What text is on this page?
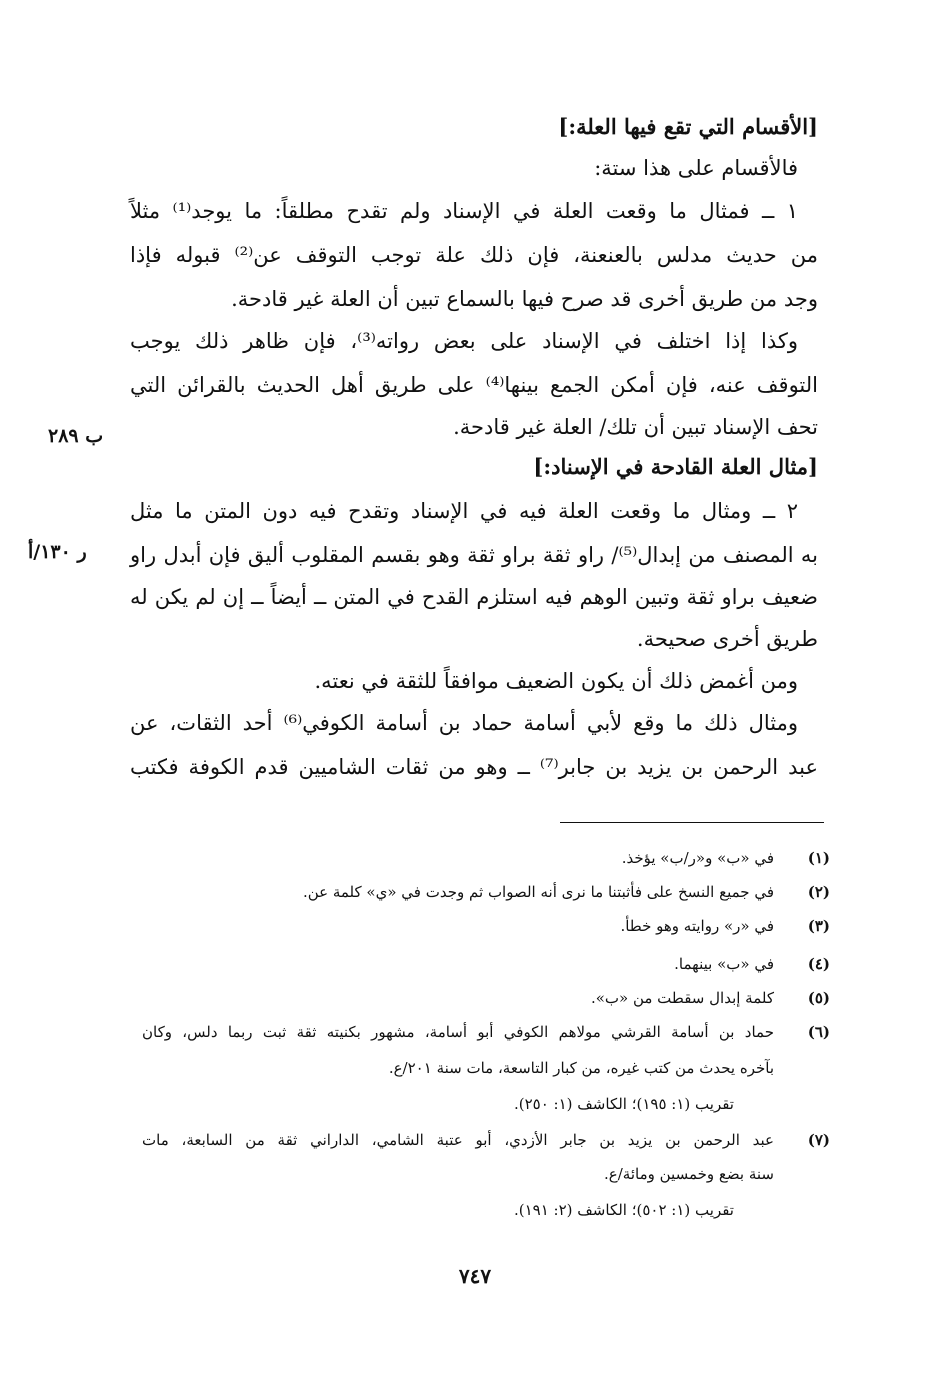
[الأقسام التي تقع فيها العلة:]

فالأقسام على هذا ستة:

١ ــ فمثال ما وقعت العلة في الإسناد ولم تقدح مطلقاً: ما يوجد⁽¹⁾ مثلاً

من حديث مدلس بالعنعنة، فإن ذلك علة توجب التوقف عن⁽²⁾ قبوله فإذا

وجد من طريق أخرى قد صرح فيها بالسماع تبين أن العلة غير قادحة.

وكذا إذا اختلف في الإسناد على بعض رواته⁽³⁾، فإن ظاهر ذلك يوجب

التوقف عنه، فإن أمكن الجمع بينها⁽⁴⁾ على طريق أهل الحديث بالقرائن التي

تحف الإسناد تبين أن تلك/ العلة غير قادحة.

[مثال العلة القادحة في الإسناد:]

٢ ــ ومثال ما وقعت العلة فيه في الإسناد وتقدح فيه دون المتن ما مثل

به المصنف من إبدال⁽⁵⁾/ راو ثقة براو ثقة وهو بقسم المقلوب أليق فإن أبدل راو

ضعيف براو ثقة وتبين الوهم فيه استلزم القدح في المتن ــ أيضاً ــ إن لم يكن له

طريق أخرى صحيحة.

ومن أغمض ذلك أن يكون الضعيف موافقاً للثقة في نعته.

ومثال ذلك ما وقع لأبي أسامة حماد بن أسامة الكوفي⁽⁶⁾ أحد الثقات، عن

عبد الرحمن بن يزيد بن جابر⁽⁷⁾ ــ وهو من ثقات الشاميين قدم الكوفة فكتب

ب ٢٨٩
ر ١٣٠/أ
(١)
في «ب» و«ر/ب» يؤخذ.
(٢)
في جميع النسخ على فأثبتنا ما نرى أنه الصواب ثم وجدت في «ي» كلمة عن.
(٣)
في «ر» روايته وهو خطأ.
(٤)
في «ب» بينهما.
(٥)
كلمة إبدال سقطت من «ب».
(٦)
حماد بن أسامة القرشي مولاهم الكوفي أبو أسامة، مشهور بكنيته ثقة ثبت ربما دلس، وكان
بآخره يحدث من كتب غيره، من كبار التاسعة، مات سنة ٢٠١/ع.
تقريب (١: ١٩٥)؛ الكاشف (١: ٢٥٠).
(٧)
عبد الرحمن بن يزيد بن جابر الأزدي، أبو عتبة الشامي، الداراني ثقة من السابعة، مات
سنة بضع وخمسين ومائة/ع.
تقريب (١: ٥٠٢)؛ الكاشف (٢: ١٩١).
٧٤٧
